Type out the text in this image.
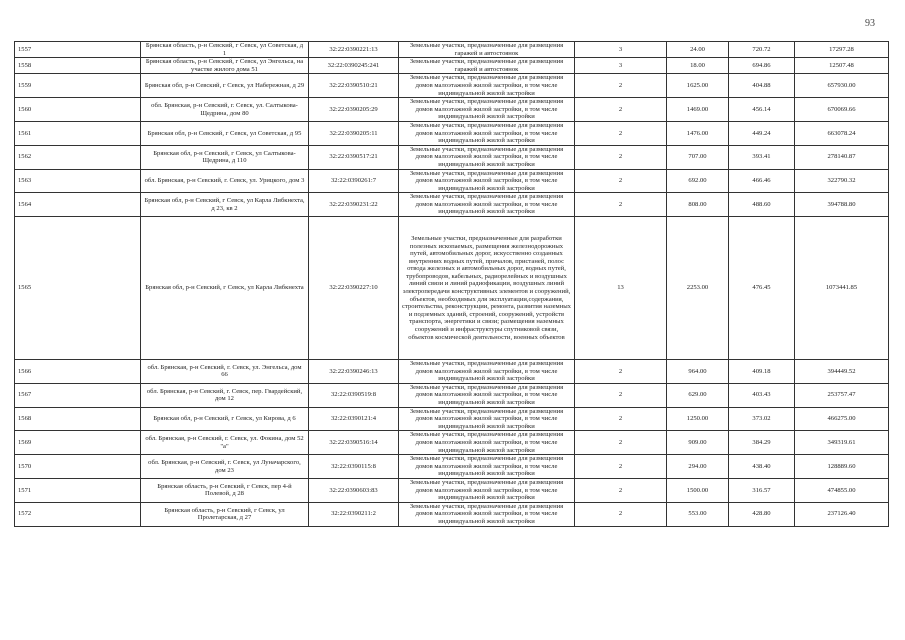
93
1557	Брянская область, р-н Севский, г Севск, ул Советская, д 1	32:22:0390221:13	Земельные участки, предназначенные для размещения гаражей и автостоянок	3	24.00	720.72	17297.28
1558	Брянская область, р-н Севский, г Севск, ул Энгельса, на участке жилого дома 51	32:22:0390245:241	Земельные участки, предназначенные для размещения гаражей и автостоянок	3	18.00	694.86	12507.48
1559	Брянская обл, р-н Севский, г Севск, ул Набережная, д 29	32:22:0390510:21	Земельные участки, предназначенные для размещения домов малоэтажной жилой застройки, в том числе индивидуальной жилой застройки	2	1625.00	404.88	657930.00
1560	обл. Брянская, р-н Севский, г. Севск, ул. Салтыкова-Щедрина, дом 80	32:22:0390205:29	Земельные участки, предназначенные для размещения домов малоэтажной жилой застройки, в том числе индивидуальной жилой застройки	2	1469.00	456.14	670069.66
1561	Брянская обл, р-н Севский, г Севск, ул Советская, д 95	32:22:0390205:11	Земельные участки, предназначенные для размещения домов малоэтажной жилой застройки, в том числе индивидуальной жилой застройки	2	1476.00	449.24	663078.24
1562	Брянская обл, р-н Севский, г Севск, ул Салтыкова-Щедрина, д 110	32:22:0390517:21	Земельные участки, предназначенные для размещения домов малоэтажной жилой застройки, в том числе индивидуальной жилой застройки	2	707.00	393.41	278140.87
1563	обл. Брянская, р-н Севский, г. Севск, ул. Урицкого, дом 3	32:22:0390261:7	Земельные участки, предназначенные для размещения домов малоэтажной жилой застройки, в том числе индивидуальной жилой застройки	2	692.00	466.46	322790.32
1564	Брянская обл, р-н Севский, г Севск, ул Карла Либкнехта, д 23, кв 2	32:22:0390231:22	Земельные участки, предназначенные для размещения домов малоэтажной жилой застройки, в том числе индивидуальной жилой застройки	2	808.00	488.60	394788.80
1565	Брянская обл, р-н Севский, г Севск, ул Карла Либкнехта	32:22:0390227:10	Земельные участки, предназначенные для разработки полезных ископаемых, размещения железнодорожных путей, автомобильных дорог, искусственно созданных внутренних водных путей, причалов, пристаней, полос отвода железных и автомобильных дорог, водных путей, трубопроводов, кабельных, радиорелейных и воздушных линий связи и линий радиофикации, воздушных линий электропередачи конструктивных элементов и сооружений, объектов, необходимых для эксплуатации,содержания, строительства, реконструкции, ремонта, развития наземных и подземных зданий, строений, сооружений, устройств транспорта, энергетики и связи; размещения наземных сооружений и инфраструктуры спутниковой связи, объектов космической деятельности, военных объектов	13	2253.00	476.45	1073441.85
1566	обл. Брянская, р-н Севский, г. Севск, ул. Энгельса, дом 66	32:22:0390246:13	Земельные участки, предназначенные для размещения домов малоэтажной жилой застройки, в том числе индивидуальной жилой застройки	2	964.00	409.18	394449.52
1567	обл. Брянская, р-н Севский, г. Севск, пер. Гвардейский, дом 12	32:22:0390519:8	Земельные участки, предназначенные для размещения домов малоэтажной жилой застройки, в том числе индивидуальной жилой застройки	2	629.00	403.43	253757.47
1568	Брянская обл, р-н Севский, г Севск, ул Кирова, д 6	32:22:0390121:4	Земельные участки, предназначенные для размещения домов малоэтажной жилой застройки, в том числе индивидуальной жилой застройки	2	1250.00	373.02	466275.00
1569	обл. Брянская, р-н Севский, г. Севск, ул. Фокина, дом 52 "а"	32:22:0390516:14	Земельные участки, предназначенные для размещения домов малоэтажной жилой застройки, в том числе индивидуальной жилой застройки	2	909.00	384.29	349319.61
1570	обл. Брянская, р-н Севский, г. Севск, ул Луначарского, дом 23	32:22:0390115:8	Земельные участки, предназначенные для размещения домов малоэтажной жилой застройки, в том числе индивидуальной жилой застройки	2	294.00	438.40	128889.60
1571	Брянская область, р-н Севский, г Севск, пер 4-й Полевой, д 28	32:22:0390603:83	Земельные участки, предназначенные для размещения домов малоэтажной жилой застройки, в том числе индивидуальной жилой застройки	2	1500.00	316.57	474855.00
1572	Брянская область, р-н Севский, г Севск, ул Пролетарская, д 27	32:22:0390211:2	Земельные участки, предназначенные для размещения домов малоэтажной жилой застройки, в том числе индивидуальной жилой застройки	2	553.00	428.80	237126.40
